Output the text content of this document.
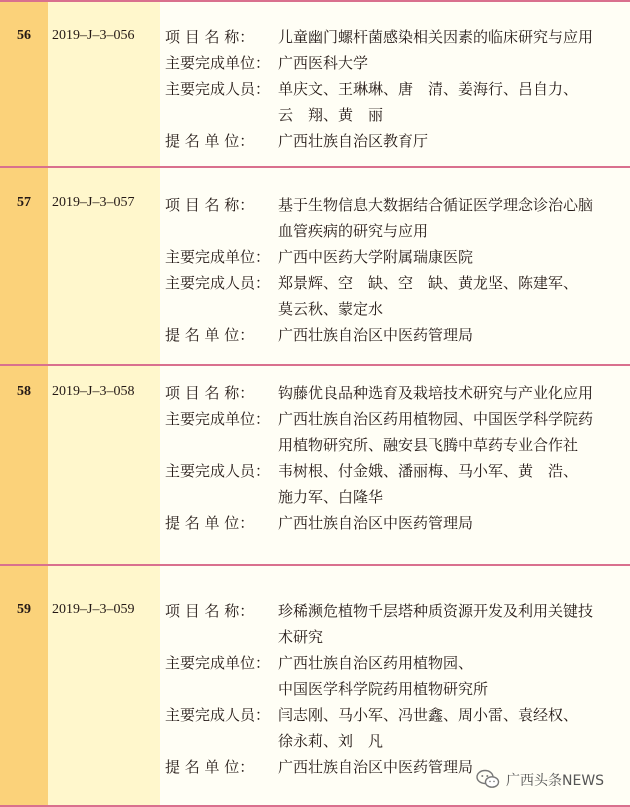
56	2019–J–3–056 项 目 名 称： 儿童幽门螺杆菌感染相关因素的临床研究与应用
主要完成单位： 广西医科大学
主要完成人员： 单庆文、王琳琳、唐　清、姜海行、吕自力、
云　翔、黄　丽
提 名 单 位： 广西壮族自治区教育厅
57	2019–J–3–057 项 目 名 称： 基于生物信息大数据结合循证医学理念诊治心脑
血管疾病的研究与应用
主要完成单位： 广西中医药大学附属瑞康医院
主要完成人员： 郑景辉、空　缺、空　缺、黄龙坚、陈建军、
莫云秋、蒙定水
提 名 单 位： 广西壮族自治区中医药管理局
58	2019–J–3–058 项 目 名 称： 钩藤优良品种选育及栽培技术研究与产业化应用
主要完成单位： 广西壮族自治区药用植物园、中国医学科学院药
用植物研究所、融安县飞腾中草药专业合作社
主要完成人员： 韦树根、付金娥、潘丽梅、马小军、黄　浩、
施力军、白隆华
提 名 单 位： 广西壮族自治区中医药管理局
59	2019–J–3–059 项 目 名 称： 珍稀濒危植物千层塔种质资源开发及利用关键技
术研究
主要完成单位： 广西壮族自治区药用植物园、
中国医学科学院药用植物研究所
主要完成人员： 闫志刚、马小军、冯世鑫、周小雷、袁经权、
徐永莉、刘　凡
提 名 单 位： 广西壮族自治区中医药管理局
广西头条NEWS
